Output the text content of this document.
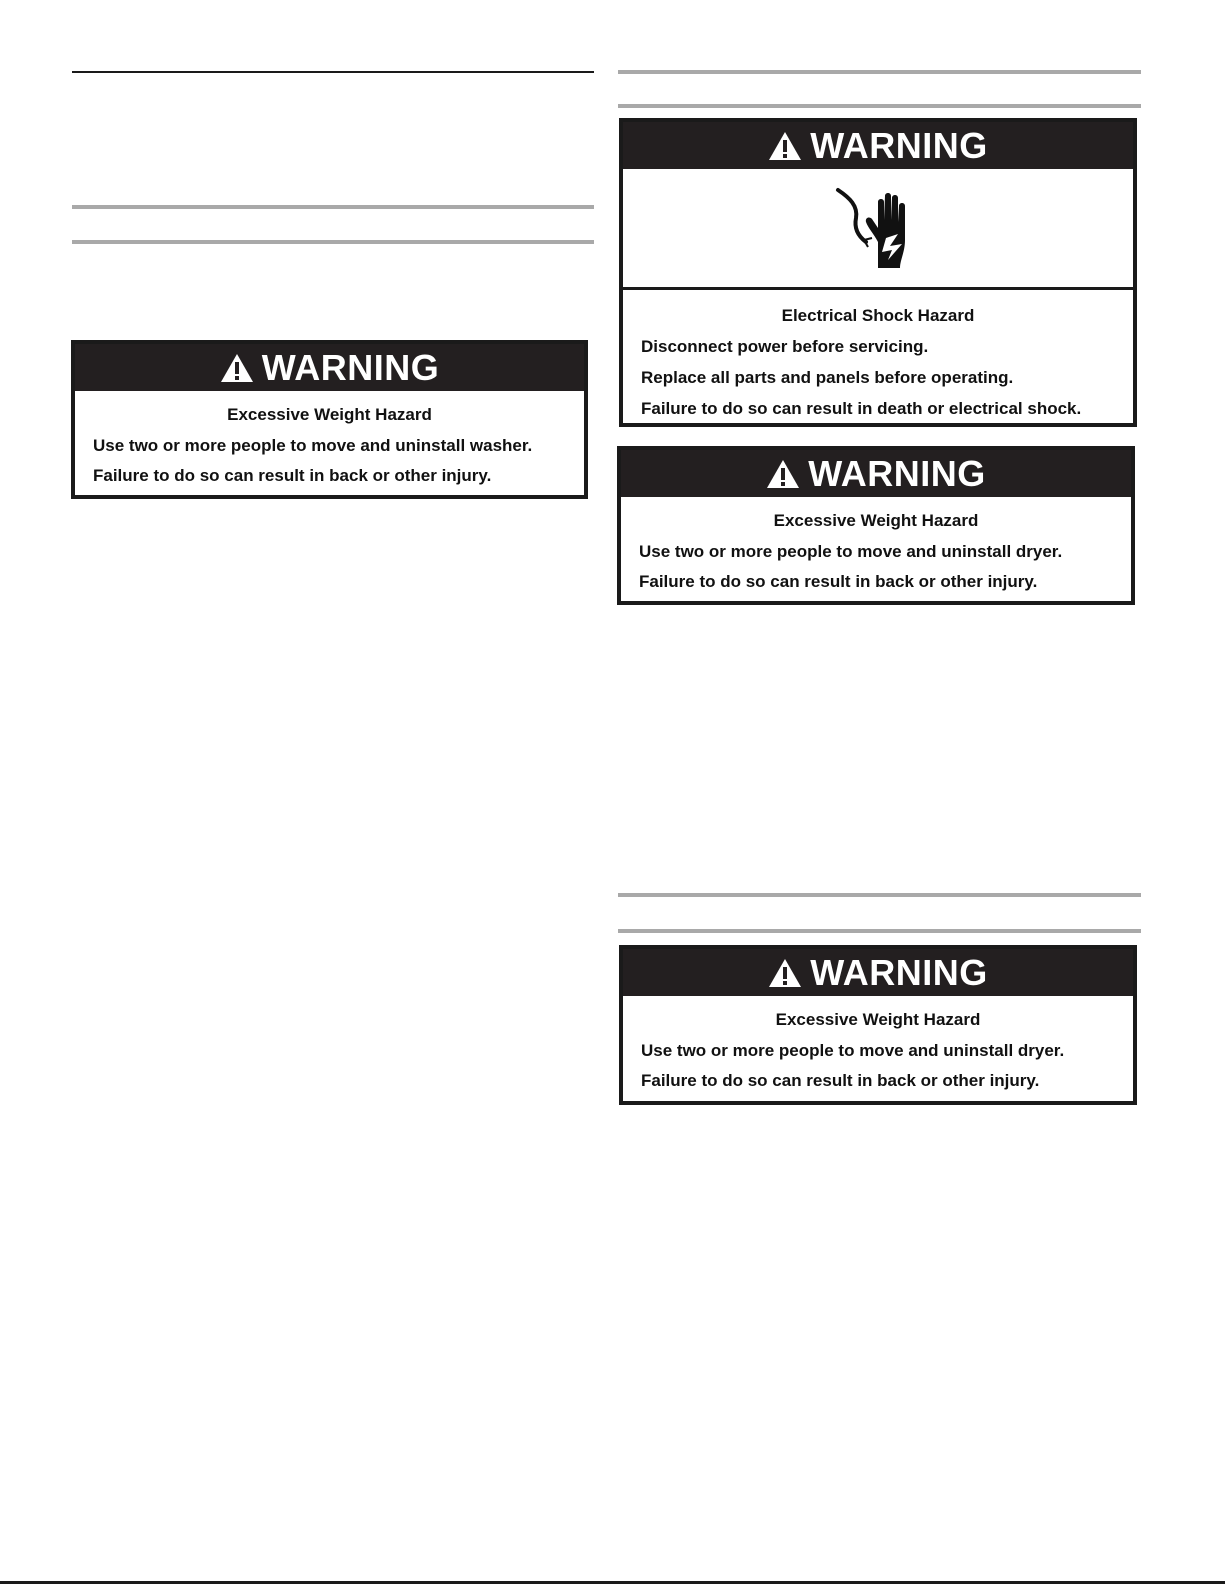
WARNING

Excessive Weight Hazard

Use two or more people to move and uninstall washer.

Failure to do so can result in back or other injury.

WARNING

Electrical Shock Hazard

Disconnect power before servicing.

Replace all parts and panels before operating.

Failure to do so can result in death or electrical shock.

WARNING

Excessive Weight Hazard

Use two or more people to move and uninstall dryer.

Failure to do so can result in back or other injury.

WARNING

Excessive Weight Hazard

Use two or more people to move and uninstall dryer.

Failure to do so can result in back or other injury.
